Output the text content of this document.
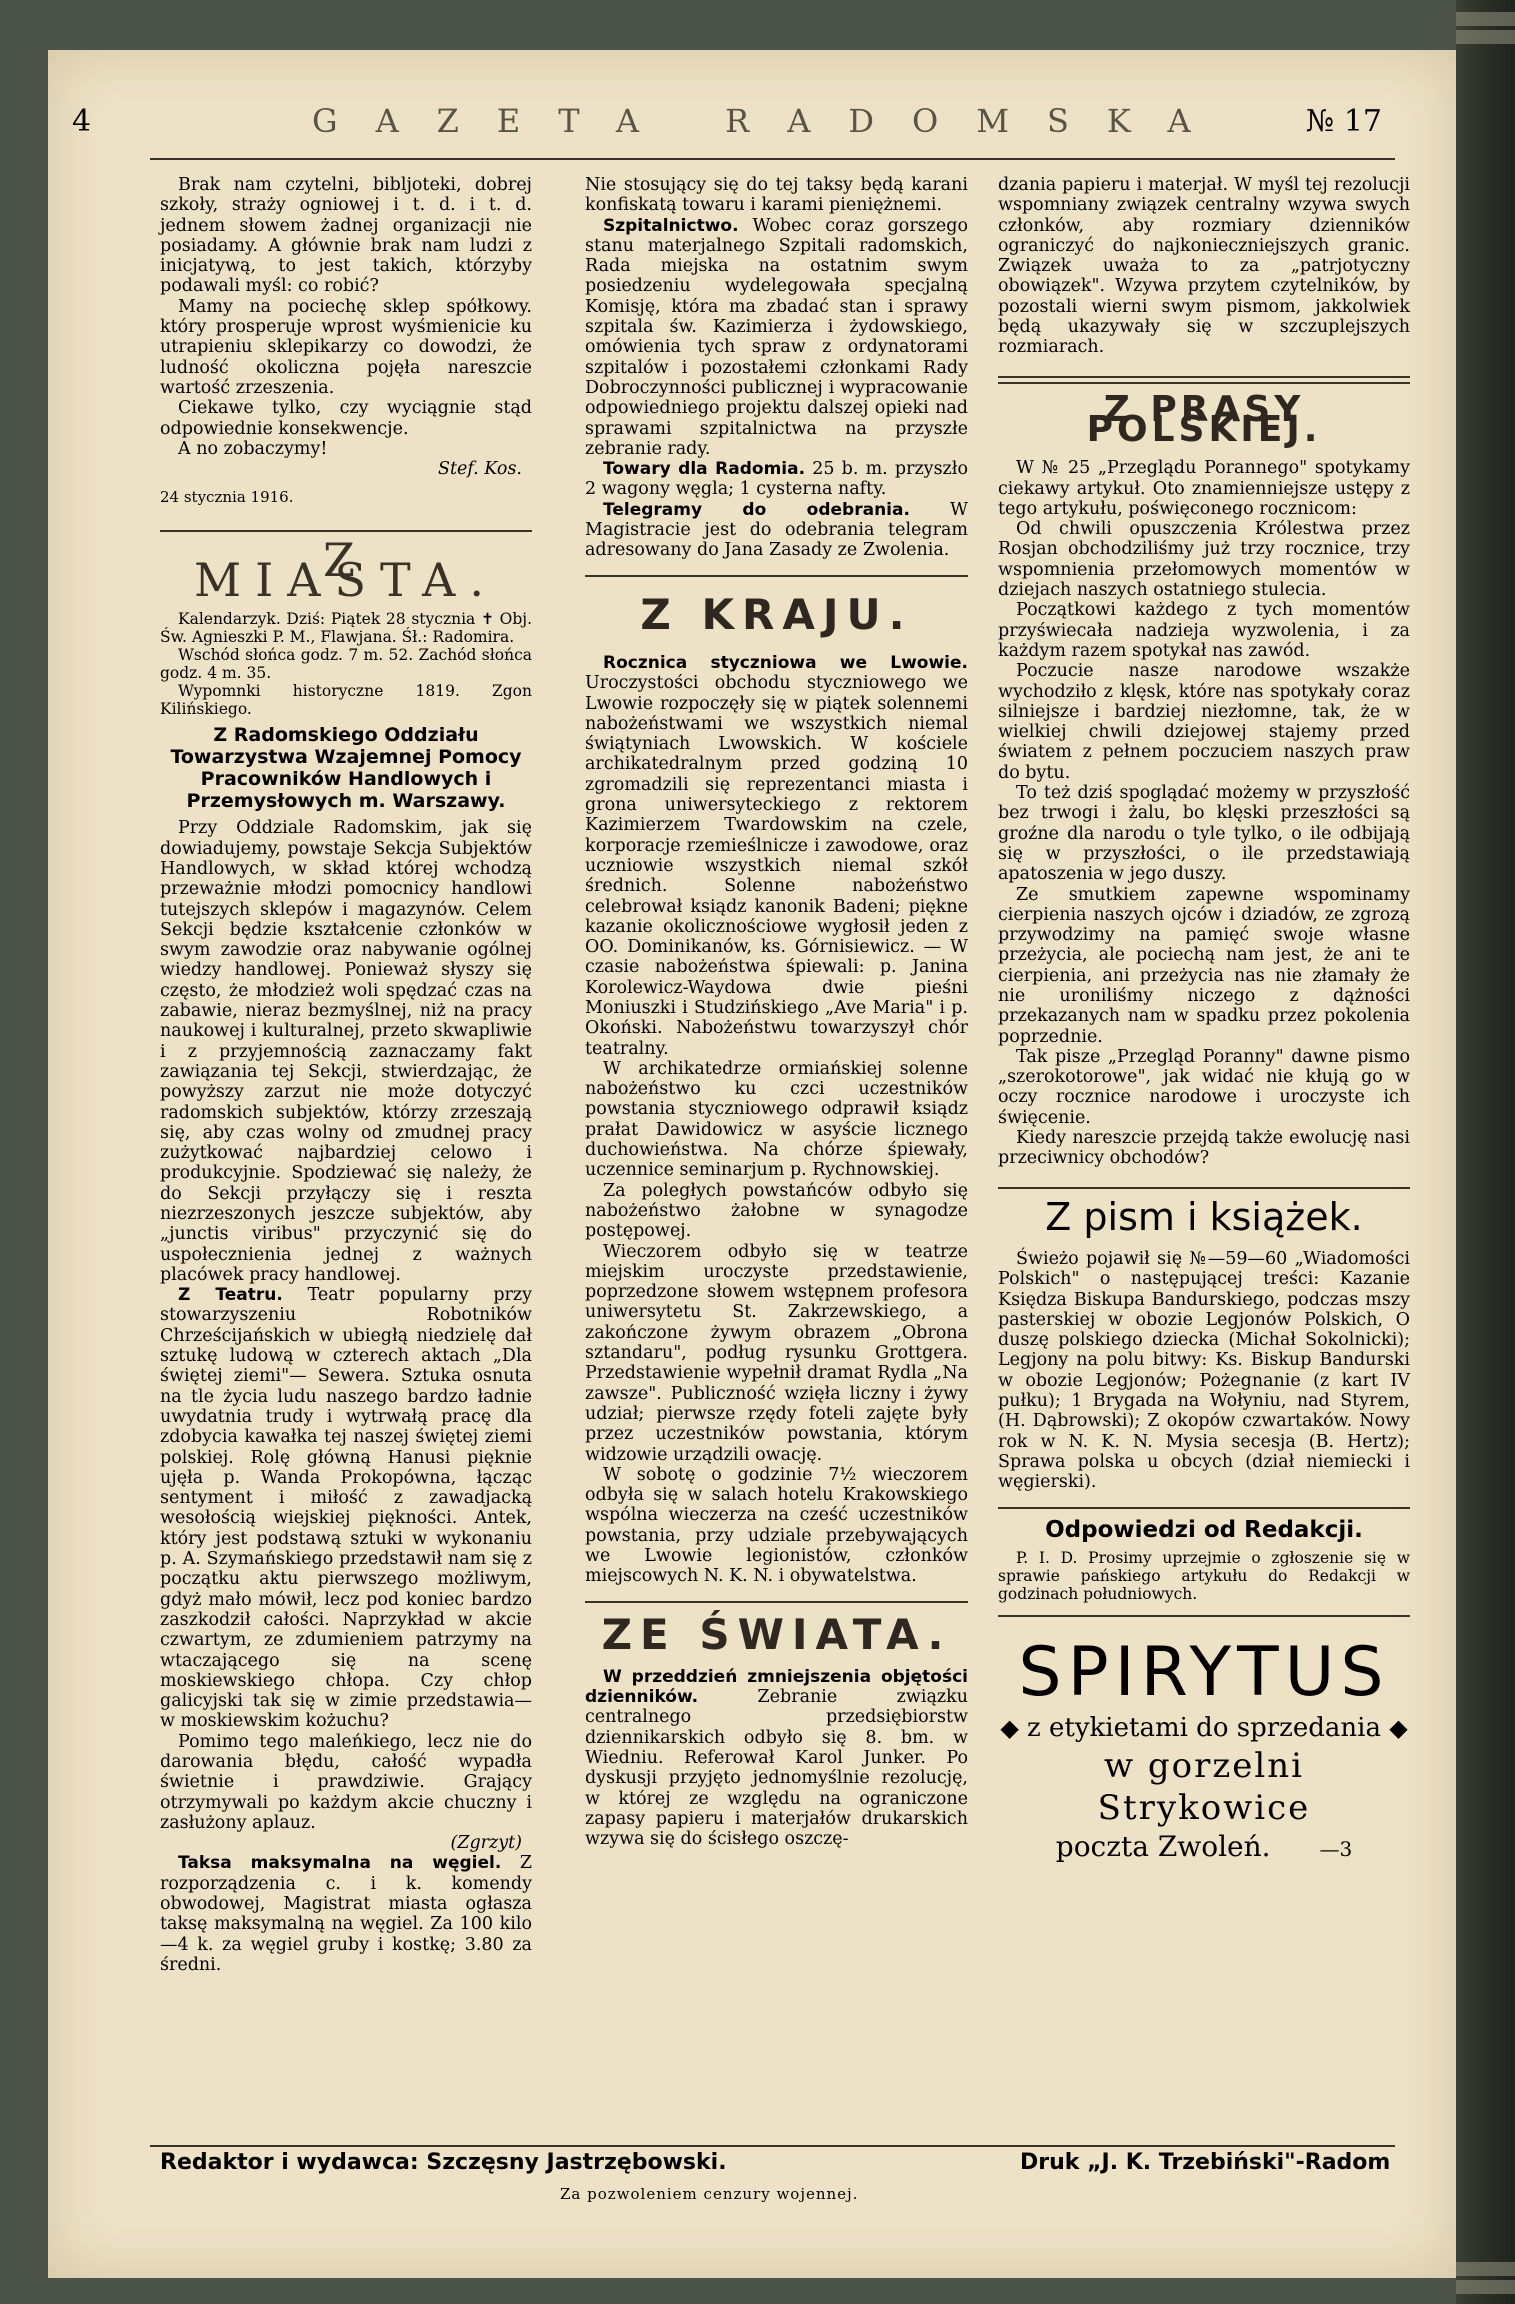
4	GAZETA RADOMSKA	№ 17

Brak nam czytelni, bibljoteki, dobrej szkoły, straży ogniowej i t. d. i t. d. jednem słowem żadnej organizacji nie posiadamy. A głównie brak nam ludzi z inicjatywą, to jest takich, którzyby podawali myśl: co robić?

Mamy na pociechę sklep spółkowy. który prosperuje wprost wyśmienicie ku utrapieniu sklepikarzy co dowodzi, że ludność okoliczna pojęła nareszcie wartość zrzeszenia.

Ciekawe tylko, czy wyciągnie stąd odpowiednie konsekwencje.

A no zobaczymy!

Stef. Kos.
24 stycznia 1916.
Z MIASTA.

Kalendarzyk. Dziś: Piątek 28 stycznia ✝ Obj. Św. Agnieszki P. M., Flawjana. Śł.: Radomira.

Wschód słońca godz. 7 m. 52. Zachód słońca godz. 4 m. 35.

Wypomnki historyczne 1819. Zgon Kilińskiego.

Z Radomskiego Oddziału Towarzystwa Wzajemnej Pomocy Pracowników Handlowych i Przemysłowych m. Warszawy.

Przy Oddziale Radomskim, jak się dowiadujemy, powstaje Sekcja Subjektów Handlowych, w skład której wchodzą przeważnie młodzi pomocnicy handlowi tutejszych sklepów i magazynów. Celem Sekcji będzie kształcenie członków w swym zawodzie oraz nabywanie ogólnej wiedzy handlowej. Ponieważ słyszy się często, że młodzież woli spędzać czas na zabawie, nieraz bezmyślnej, niż na pracy naukowej i kulturalnej, przeto skwapliwie i z przyjemnością zaznaczamy fakt zawiązania tej Sekcji, stwierdzając, że powyższy zarzut nie może dotyczyć radomskich subjektów, którzy zrzeszają się, aby czas wolny od zmudnej pracy zużytkować najbardziej celowo i produkcyjnie. Spodziewać się należy, że do Sekcji przyłączy się i reszta niezrzeszonych jeszcze subjektów, aby „junctis viribus" przyczynić się do uspołecznienia jednej z ważnych placówek pracy handlowej.

Z Teatru. Teatr popularny przy stowarzyszeniu Robotników Chrześcijańskich w ubiegłą niedzielę dał sztukę ludową w czterech aktach „Dla świętej ziemi"— Sewera. Sztuka osnuta na tle życia ludu naszego bardzo ładnie uwydatnia trudy i wytrwałą pracę dla zdobycia kawałka tej naszej świętej ziemi polskiej. Rolę główną Hanusi pięknie ujęła p. Wanda Prokopówna, łącząc sentyment i miłość z zawadjacką wesołością wiejskiej piękności. Antek, który jest podstawą sztuki w wykonaniu p. A. Szymańskiego przedstawił nam się z początku aktu pierwszego możliwym, gdyż mało mówił, lecz pod koniec bardzo zaszkodził całości. Naprzykład w akcie czwartym, ze zdumieniem patrzymy na wtaczającego się na scenę moskiewskiego chłopa. Czy chłop galicyjski tak się w zimie przedstawia— w moskiewskim kożuchu?

Pomimo tego maleńkiego, lecz nie do darowania błędu, całość wypadła świetnie i prawdziwie. Grający otrzymywali po każdym akcie chuczny i zasłużony aplauz.

(Zgrzyt)

Taksa maksymalna na węgiel. Z rozporządzenia c. i k. komendy obwodowej, Magistrat miasta ogłasza taksę maksymalną na węgiel. Za 100 kilo —4 k. za węgiel gruby i kostkę; 3.80 za średni.

Nie stosujący się do tej taksy będą karani konfiskatą towaru i karami pieniężnemi.

Szpitalnictwo. Wobec coraz gorszego stanu materjalnego Szpitali radomskich, Rada miejska na ostatnim swym posiedzeniu wydelegowała specjalną Komisję, która ma zbadać stan i sprawy szpitala św. Kazimierza i żydowskiego, omówienia tych spraw z ordynatorami szpitalów i pozostałemi członkami Rady Dobroczynności publicznej i wypracowanie odpowiedniego projektu dalszej opieki nad sprawami szpitalnictwa na przyszłe zebranie rady.

Towary dla Radomia. 25 b. m. przyszło 2 wagony węgla; 1 cysterna nafty.

Telegramy do odebrania. W Magistracie jest do odebrania telegram adresowany do Jana Zasady ze Zwolenia.

Z KRAJU.

Rocznica styczniowa we Lwowie. Uroczystości obchodu styczniowego we Lwowie rozpoczęły się w piątek solennemi nabożeństwami we wszystkich niemal świątyniach Lwowskich. W kościele archikatedralnym przed godziną 10 zgromadzili się reprezentanci miasta i grona uniwersyteckiego z rektorem Kazimierzem Twardowskim na czele, korporacje rzemieślnicze i zawodowe, oraz uczniowie wszystkich niemal szkół średnich. Solenne nabożeństwo celebrował ksiądz kanonik Badeni; piękne kazanie okolicznościowe wygłosił jeden z OO. Dominikanów, ks. Górnisiewicz. — W czasie nabożeństwa śpiewali: p. Janina Korolewicz-Waydowa dwie pieśni Moniuszki i Studzińskiego „Ave Maria" i p. Okoński. Nabożeństwu towarzyszył chór teatralny.

W archikatedrze ormiańskiej solenne nabożeństwo ku czci uczestników powstania styczniowego odprawił ksiądz prałat Dawidowicz w asyście licznego duchowieństwa. Na chórze śpiewały, uczennice seminarjum p. Rychnowskiej.

Za poległych powstańców odbyło się nabożeństwo żałobne w synagodze postępowej.

Wieczorem odbyło się w teatrze miejskim uroczyste przedstawienie, poprzedzone słowem wstępnem profesora uniwersytetu St. Zakrzewskiego, a zakończone żywym obrazem „Obrona sztandaru", podług rysunku Grottgera. Przedstawienie wypełnił dramat Rydla „Na zawsze". Publiczność wzięła liczny i żywy udział; pierwsze rzędy foteli zajęte były przez uczestników powstania, którym widzowie urządzili owację.

W sobotę o godzinie 7½ wieczorem odbyła się w salach hotelu Krakowskiego wspólna wieczerza na cześć uczestników powstania, przy udziale przebywających we Lwowie legionistów, członków miejscowych N. K. N. i obywatelstwa.

ZE ŚWIATA.

W przeddzień zmniejszenia objętości dzienników.	Zebranie związku centralnego przedsiębiorstw dziennikarskich odbyło się 8. bm. w Wiedniu. Referował Karol Junker. Po dyskusji przyjęto jednomyślnie rezolucję, w której ze względu na ograniczone zapasy papieru i materjałów drukarskich wzywa się do ścisłego oszczę-

dzania papieru i materjał. W myśl tej rezolucji wspomniany związek centralny wzywa swych członków, aby rozmiary dzienników ograniczyć do najkonieczniejszych granic. Związek uważa to za „patrjotyczny obowiązek". Wzywa przytem czytelników, by pozostali wierni swym pismom, jakkolwiek będą ukazywały się w szczuplejszych rozmiarach.

Z PRASY POLSKIEJ.

W № 25 „Przeglądu Porannego" spotykamy ciekawy artykuł. Oto znamienniejsze ustępy z tego artykułu, poświęconego rocznicom:

Od chwili opuszczenia Królestwa przez Rosjan obchodziliśmy już trzy rocznice, trzy wspomnienia przełomowych momentów w dziejach naszych ostatniego stulecia.

Początkowi każdego z tych momentów przyświecała nadzieja wyzwolenia, i za każdym razem spotykał nas zawód.

Poczucie nasze narodowe wszakże wychodziło z klęsk, które nas spotykały coraz silniejsze i bardziej niezłomne, tak, że w wielkiej chwili dziejowej stajemy przed światem z pełnem poczuciem naszych praw do bytu.

To też dziś spoglądać możemy w przyszłość bez trwogi i żalu, bo klęski przeszłości są groźne dla narodu o tyle tylko, o ile odbijają się w przyszłości, o ile przedstawiają apatoszenia w jego duszy.

Ze smutkiem zapewne wspominamy cierpienia naszych ojców i dziadów, ze zgrozą przywodzimy na pamięć swoje własne przeżycia, ale pociechą nam jest, że ani te cierpienia, ani przeżycia nas nie złamały że nie uroniliśmy niczego z dążności przekazanych nam w spadku przez pokolenia poprzednie.

Tak pisze „Przegląd Poranny" dawne pismo „szerokotorowe", jak widać nie kłują go w oczy rocznice narodowe i uroczyste ich święcenie.

Kiedy nareszcie przejdą także ewolucję nasi przeciwnicy obchodów?

Z pism i książek.

Świeżo pojawił się №—59—60 „Wiadomości Polskich" o następującej treści: Kazanie Księdza Biskupa Bandurskiego, podczas mszy pasterskiej w obozie Legjonów Polskich, O duszę polskiego dziecka (Michał Sokolnicki); Legjony na polu bitwy: Ks. Biskup Bandurski w obozie Legjonów; Pożegnanie (z kart IV pułku); 1 Brygada na Wołyniu, nad Styrem, (H. Dąbrowski); Z okopów czwartaków. Nowy rok w N. K. N. Mysia secesja (B. Hertz); Sprawa polska u obcych (dział niemiecki i węgierski).

Odpowiedzi od Redakcji.

P. I. D. Prosimy uprzejmie o zgłoszenie się w sprawie pańskiego artykułu do Redakcji w godzinach południowych.

SPIRYTUS
◆ z etykietami do sprzedania ◆
w gorzelni Strykowice
poczta Zwoleń. —3
Redaktor i wydawca: Szczęsny Jastrzębowski.	Druk „J. K. Trzebiński"-Radom
Za pozwoleniem cenzury wojennej.
